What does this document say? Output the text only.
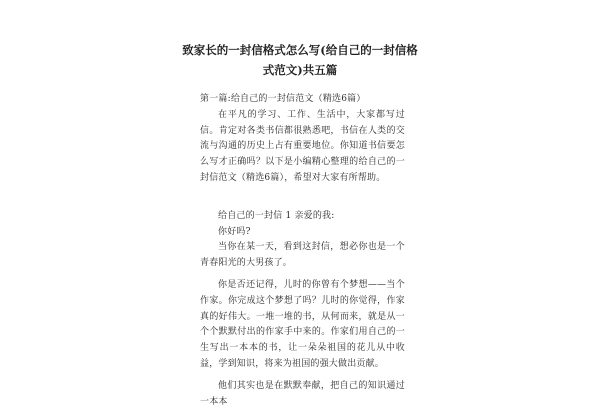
致家长的一封信格式怎么写(给自己的一封信格式范文)共五篇

第一篇:给自己的一封信范文（精选6篇）

在平凡的学习、工作、生活中，大家都写过信。肯定对各类书信都很熟悉吧，书信在人类的交流与沟通的历史上占有重要地位。你知道书信要怎么写才正确吗？以下是小编精心整理的给自己的一封信范文（精选6篇），希望对大家有所帮助。

给自己的一封信 1 亲爱的我:

你好吗?

当你在某一天，看到这封信，想必你也是一个青春阳光的大男孩了。

你是否还记得，儿时的你曾有个梦想——当个作家。你完成这个梦想了吗？儿时的你觉得，作家真的好伟大。一堆一堆的书，从何而来，就是从一个个默默付出的作家手中来的。作家们用自己的一生写出一本本的书，让一朵朵祖国的花儿从中收益，学到知识，将来为祖国的强大做出贡献。

他们其实也是在默默奉献，把自己的知识通过一本本
